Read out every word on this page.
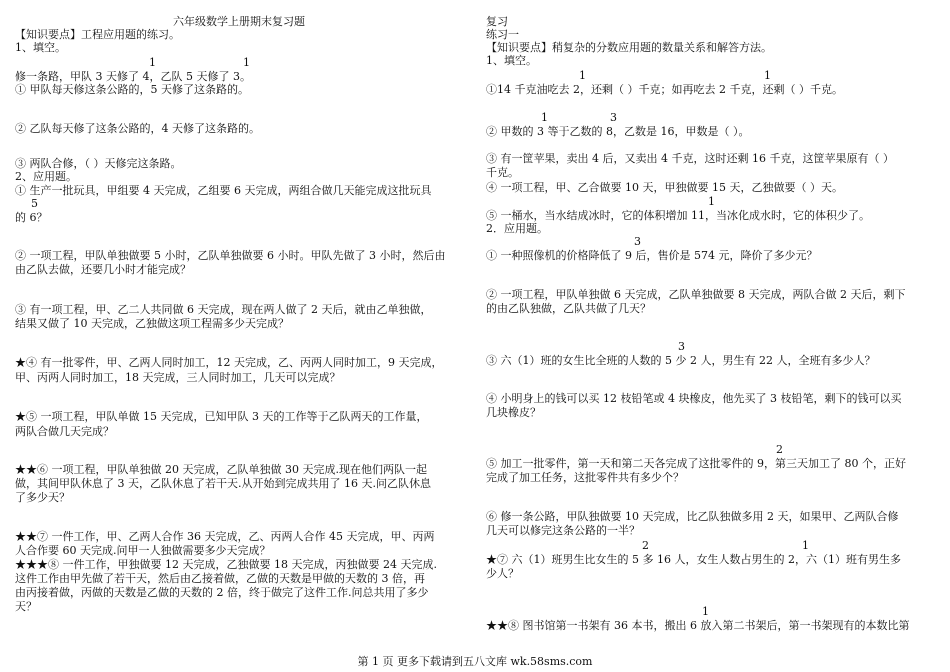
六年级数学上册期末复习题
【知识要点】工程应用题的练习。
1、填空。
1	1
修一条路，甲队 3 天修了 4，乙队 5 天修了 3。
① 甲队每天修这条公路的，5 天修了这条路的。
② 乙队每天修了这条公路的，4 天修了这条路的。
③ 两队合修，（ ）天修完这条路。
2、应用题。
① 生产一批玩具，甲组要 4 天完成，乙组要 6 天完成，两组合做几天能完成这批玩具
5
的 6？
② 一项工程，甲队单独做要 5 小时，乙队单独做要 6 小时。甲队先做了 3 小时，然后由
由乙队去做，还要几小时才能完成？
③ 有一项工程，甲、乙二人共同做 6 天完成，现在两人做了 2 天后，就由乙单独做，
结果又做了 10 天完成，乙独做这项工程需多少天完成？
★④ 有一批零件，甲、乙两人同时加工，12 天完成，乙、丙两人同时加工，9 天完成，
甲、丙两人同时加工，18 天完成，三人同时加工，几天可以完成？
★⑤ 一项工程，甲队单做 15 天完成，已知甲队 3 天的工作等于乙队两天的工作量，
两队合做几天完成？
★★⑥ 一项工程，甲队单独做 20 天完成，乙队单独做 30 天完成.现在他们两队一起
做，其间甲队休息了 3 天，乙队休息了若干天.从开始到完成共用了 16 天.问乙队休息
了多少天？
★★⑦ 一件工作，甲、乙两人合作 36 天完成，乙、丙两人合作 45 天完成，甲、丙两
人合作要 60 天完成.问甲一人独做需要多少天完成？
★★★⑧ 一件工作，甲独做要 12 天完成，乙独做要 18 天完成，丙独做要 24 天完成.
这件工作由甲先做了若干天，然后由乙接着做，乙做的天数是甲做的天数的 3 倍，再
由丙接着做，丙做的天数是乙做的天数的 2 倍，终于做完了这件工作.问总共用了多少
天？
复习
练习一
【知识要点】稍复杂的分数应用题的数量关系和解答方法。
1、填空。
1	1
①14 千克油吃去 2，还剩（ ）千克；如再吃去 2 千克，还剩（ ）千克。
1	3
② 甲数的 3 等于乙数的 8，乙数是 16，甲数是（ ）。
③ 有一筐苹果，卖出 4 后，又卖出 4 千克，这时还剩 16 千克，这筐苹果原有（ ）
千克。
④ 一项工程，甲、乙合做要 10 天，甲独做要 15 天，乙独做要（ ）天。
1
⑤ 一桶水，当水结成冰时，它的体积增加 11，当冰化成水时，它的体积少了。
2．应用题。
3
① 一种照像机的价格降低了 9 后，售价是 574 元，降价了多少元？
② 一项工程，甲队单独做 6 天完成，乙队单独做要 8 天完成，两队合做 2 天后，剩下
的由乙队独做，乙队共做了几天？
3
③ 六（1）班的女生比全班的人数的 5 少 2 人，男生有 22 人，全班有多少人？
④ 小明身上的钱可以买 12 枝铅笔或 4 块橡皮，他先买了 3 枝铅笔，剩下的钱可以买
几块橡皮？
2
⑤ 加工一批零件，第一天和第二天各完成了这批零件的 9，第三天加工了 80 个，正好
完成了加工任务，这批零件共有多少个？
⑥ 修一条公路，甲队独做要 10 天完成，比乙队独做多用 2 天，如果甲、乙两队合修
几天可以修完这条公路的一半？
2	1
★⑦ 六（1）班男生比女生的 5 多 16 人，女生人数占男生的 2，六（1）班有男生多
少人？
1
★★⑧ 图书馆第一书架有 36 本书，搬出 6 放入第二书架后，第一书架现有的本数比第
第 1 页 更多下载请到五八文库 wk.58sms.com
